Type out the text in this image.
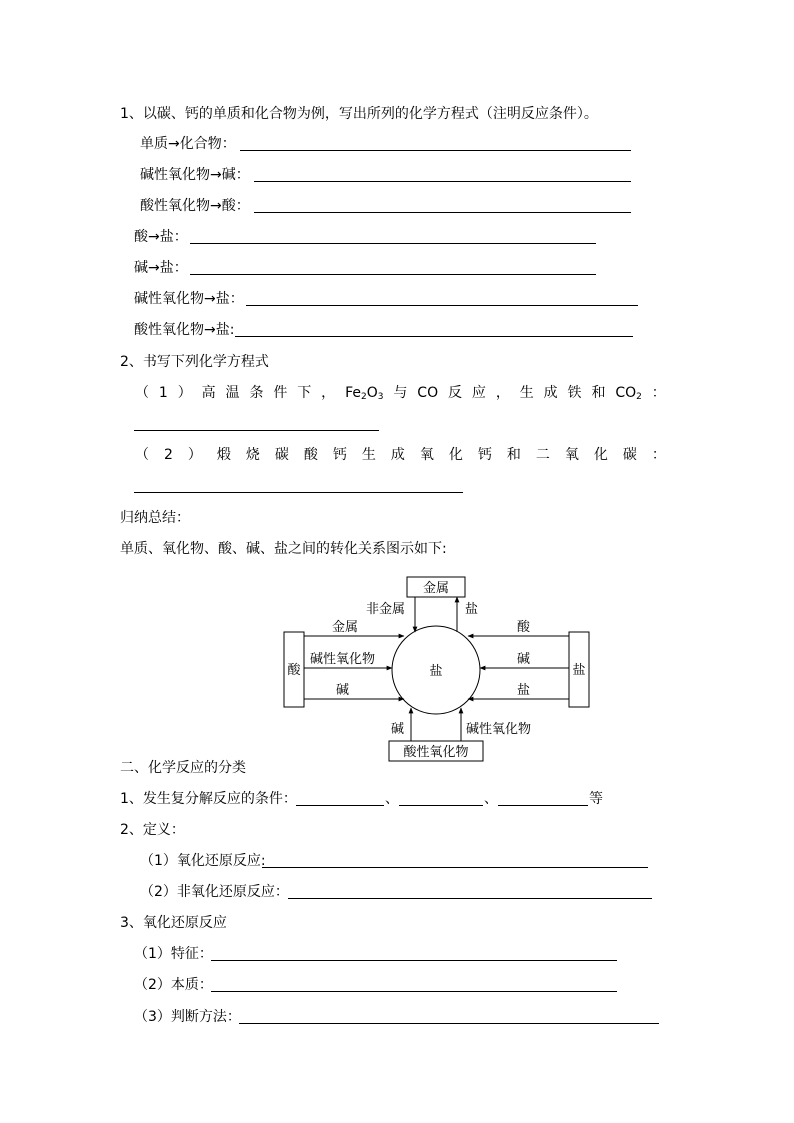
1、以碳、钙的单质和化合物为例，写出所列的化学方程式（注明反应条件）。
单质→化合物：
碱性氧化物→碱：
酸性氧化物→酸：
酸→盐：
碱→盐：
碱性氧化物→盐：
酸性氧化物→盐:
2、书写下列化学方程式
（ 1 ） 高 温 条 件 下 ， $Fe_2O_3$ 与 CO 反 应 ， 生 成 铁 和 $CO_2$ ：
（ 2 ） 煅 烧 碳 酸 钙 生 成 氧 化 钙 和 二 氧 化 碳 ：
归纳总结：
单质、氧化物、酸、碱、盐之间的转化关系图示如下:
金属
酸性氧化物
酸	盐
盐
非金属	盐
金属
碱性氧化物
碱
酸
碱
盐
碱	碱性氧化物
二、化学反应的分类
1、发生复分解反应的条件：	、	、	等
2、定义：
（1）氧化还原反应:
（2）非氧化还原反应：
3、氧化还原反应
（1）特征：
（2）本质：
（3）判断方法：
